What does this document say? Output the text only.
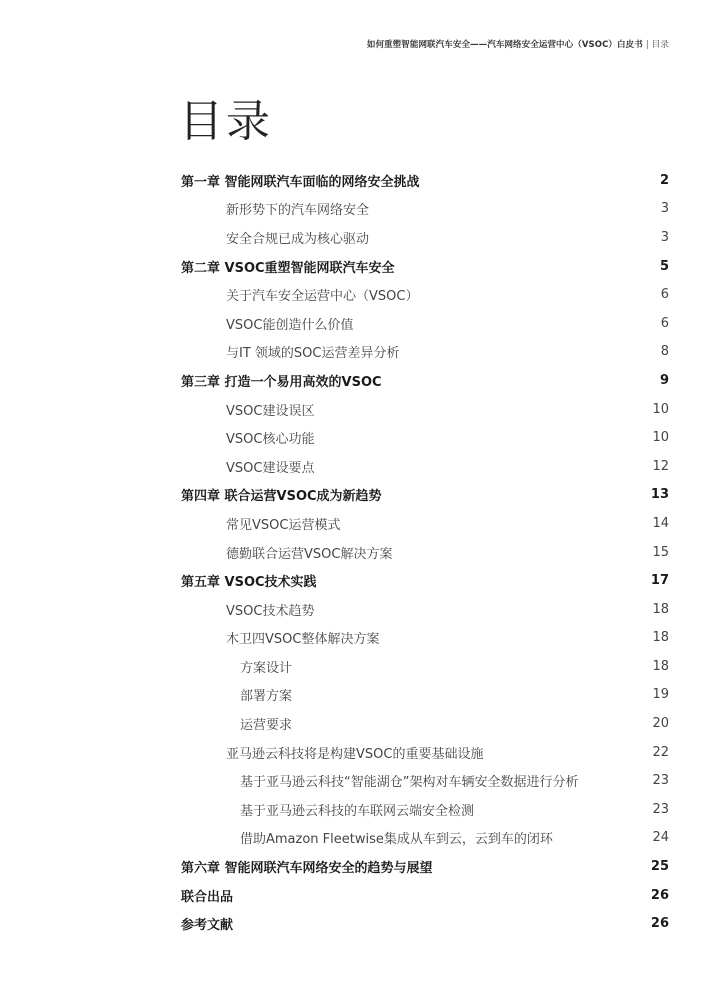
如何重塑智能网联汽车安全——汽车网络安全运营中心（VSOC）白皮书 | 目录
目录
第一章 智能网联汽车面临的网络安全挑战	2
新形势下的汽车网络安全	3
安全合规已成为核心驱动	3
第二章 VSOC重塑智能网联汽车安全	5
关于汽车安全运营中心（VSOC）	6
VSOC能创造什么价值	6
与IT 领域的SOC运营差异分析	8
第三章 打造一个易用高效的VSOC	9
VSOC建设误区	10
VSOC核心功能	10
VSOC建设要点	12
第四章 联合运营VSOC成为新趋势	13
常见VSOC运营模式	14
德勤联合运营VSOC解决方案	15
第五章 VSOC技术实践	17
VSOC技术趋势	18
木卫四VSOC整体解决方案	18
方案设计	18
部署方案	19
运营要求	20
亚马逊云科技将是构建VSOC的重要基础设施	22
基于亚马逊云科技“智能湖仓”架构对车辆安全数据进行分析	23
基于亚马逊云科技的车联网云端安全检测	23
借助Amazon Fleetwise集成从车到云，云到车的闭环	24
第六章 智能网联汽车网络安全的趋势与展望	25
联合出品	26
参考文献	26
